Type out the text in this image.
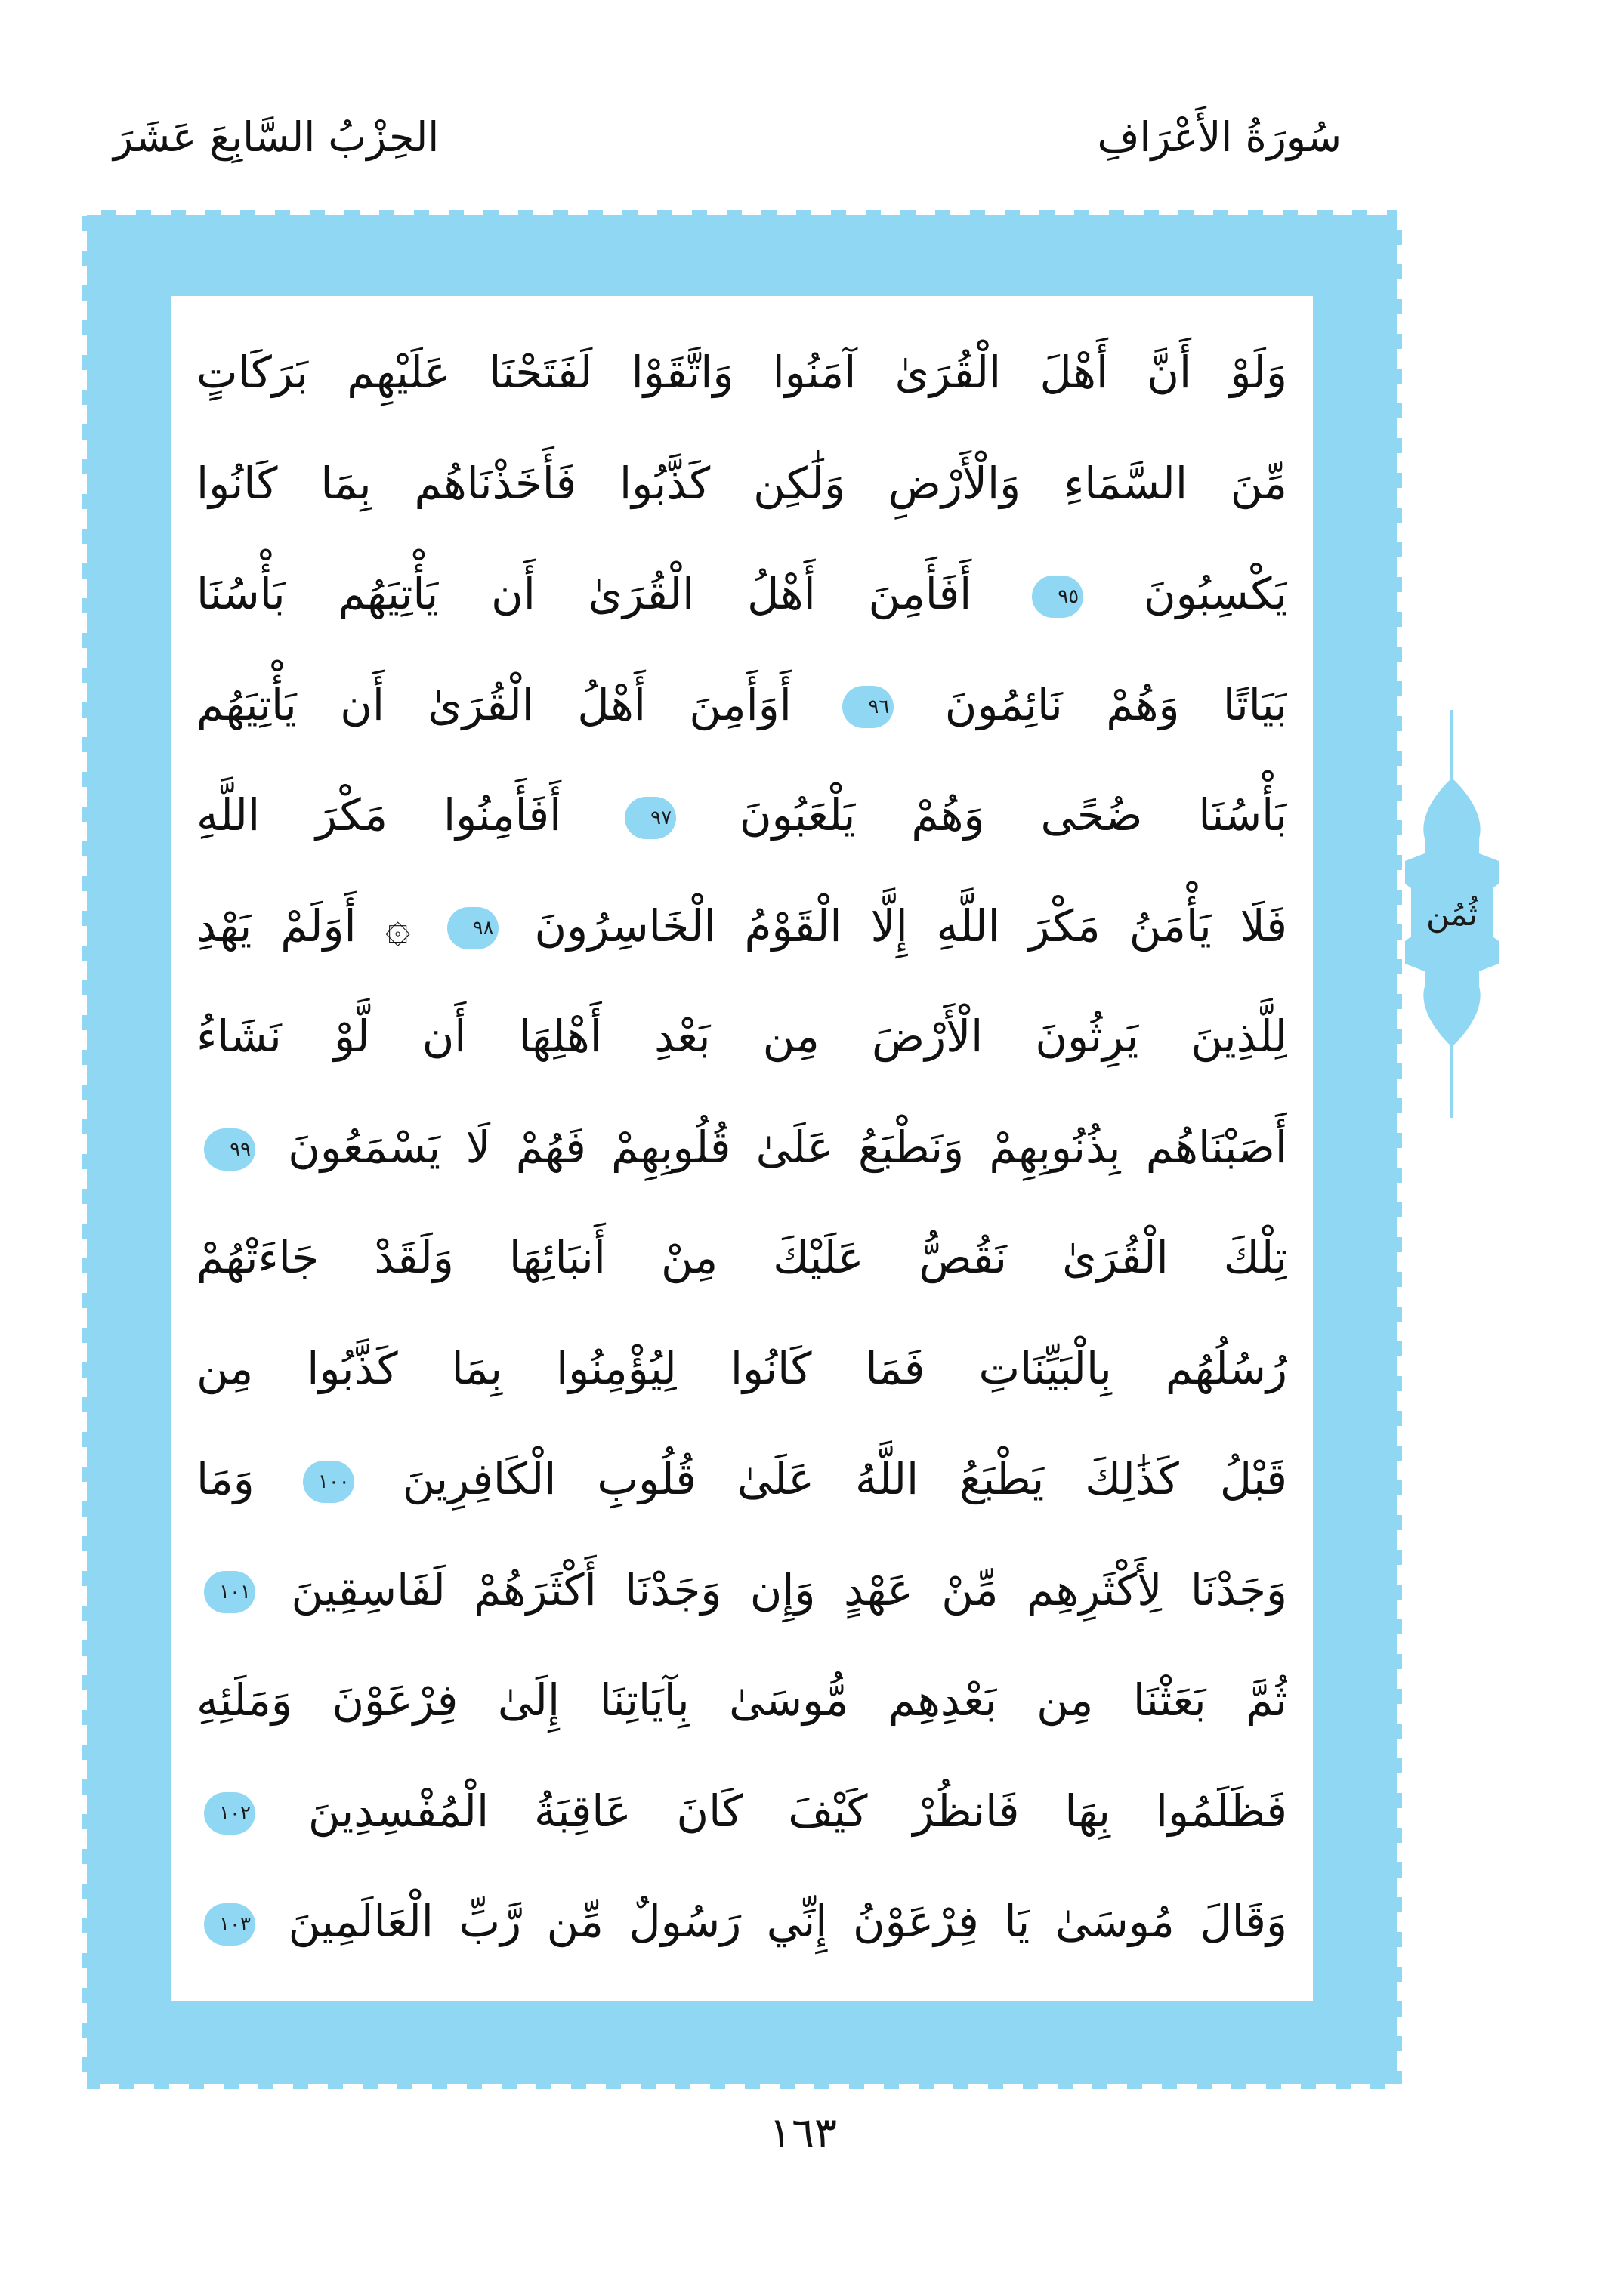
سُورَةُ الأَعْرَافِ
الحِزْبُ السَّابِعَ عَشَرَ
وَلَوْ أَنَّ أَهْلَ الْقُرَىٰ آمَنُوا وَاتَّقَوْا لَفَتَحْنَا عَلَيْهِم بَرَكَاتٍ
مِّنَ السَّمَاءِ وَالْأَرْضِ وَلَٰكِن كَذَّبُوا فَأَخَذْنَاهُم بِمَا كَانُوا
يَكْسِبُونَ ٩٥ أَفَأَمِنَ أَهْلُ الْقُرَىٰ أَن يَأْتِيَهُم بَأْسُنَا
بَيَاتًا وَهُمْ نَائِمُونَ ٩٦ أَوَأَمِنَ أَهْلُ الْقُرَىٰ أَن يَأْتِيَهُم
بَأْسُنَا ضُحًى وَهُمْ يَلْعَبُونَ ٩٧ أَفَأَمِنُوا مَكْرَ اللَّهِ
فَلَا يَأْمَنُ مَكْرَ اللَّهِ إِلَّا الْقَوْمُ الْخَاسِرُونَ ٩٨ ۞ أَوَلَمْ يَهْدِ
لِلَّذِينَ يَرِثُونَ الْأَرْضَ مِن بَعْدِ أَهْلِهَا أَن لَّوْ نَشَاءُ
أَصَبْنَاهُم بِذُنُوبِهِمْ وَنَطْبَعُ عَلَىٰ قُلُوبِهِمْ فَهُمْ لَا يَسْمَعُونَ ٩٩
تِلْكَ الْقُرَىٰ نَقُصُّ عَلَيْكَ مِنْ أَنبَائِهَا وَلَقَدْ جَاءَتْهُمْ
رُسُلُهُم بِالْبَيِّنَاتِ فَمَا كَانُوا لِيُؤْمِنُوا بِمَا كَذَّبُوا مِن
قَبْلُ كَذَٰلِكَ يَطْبَعُ اللَّهُ عَلَىٰ قُلُوبِ الْكَافِرِينَ ١٠٠ وَمَا
وَجَدْنَا لِأَكْثَرِهِم مِّنْ عَهْدٍ وَإِن وَجَدْنَا أَكْثَرَهُمْ لَفَاسِقِينَ ١٠١
ثُمَّ بَعَثْنَا مِن بَعْدِهِم مُّوسَىٰ بِآيَاتِنَا إِلَىٰ فِرْعَوْنَ وَمَلَئِهِ
فَظَلَمُوا بِهَا فَانظُرْ كَيْفَ كَانَ عَاقِبَةُ الْمُفْسِدِينَ ١٠٢
وَقَالَ مُوسَىٰ يَا فِرْعَوْنُ إِنِّي رَسُولٌ مِّن رَّبِّ الْعَالَمِينَ ١٠٣
ثُمُن
١٦٣
